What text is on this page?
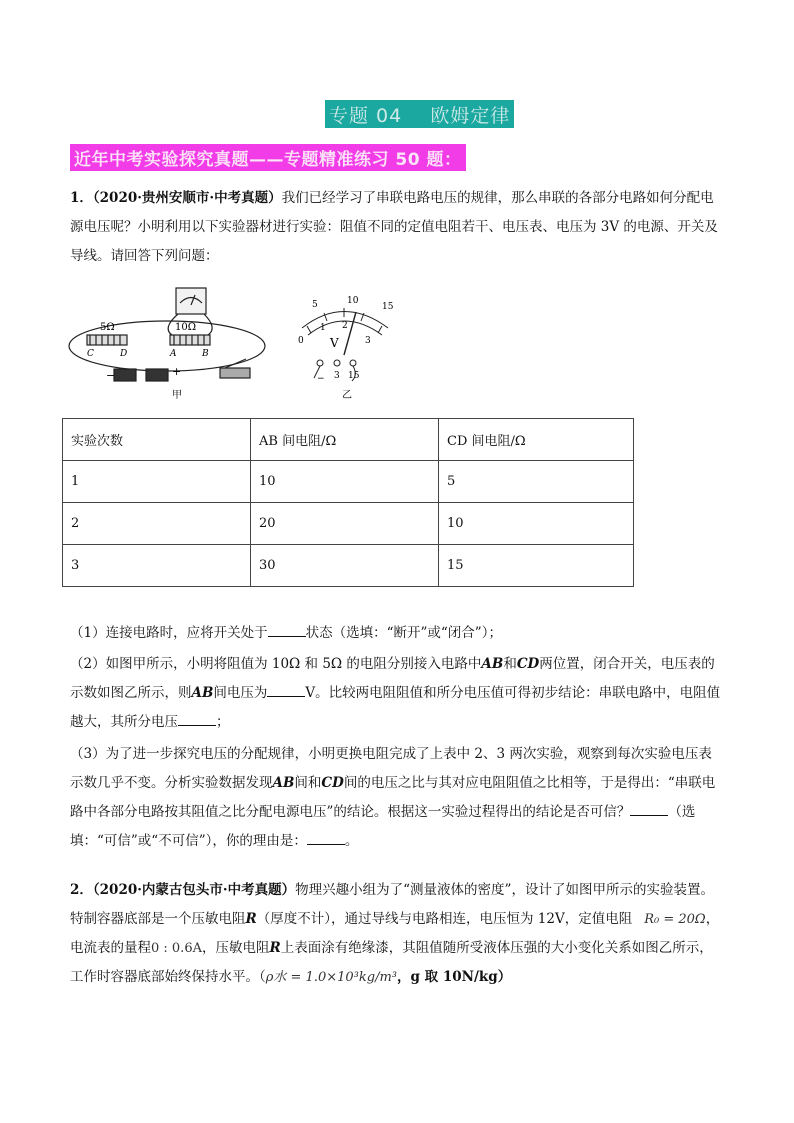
专题 04    欧姆定律
近年中考实验探究真题——专题精准练习 50 题：
1．（2020·贵州安顺市·中考真题）我们已经学习了串联电路电压的规律，那么串联的各部分电路如何分配电源电压呢？小明利用以下实验器材进行实验：阻值不同的定值电阻若干、电压表、电压为 3V 的电源、开关及导线。请回答下列问题：
5Ω	10Ω
C	D	A	B
+
−
甲
5	10
15
0
1 2
3
V
− 3 15
乙
实验次数	AB 间电阻/Ω	CD 间电阻/Ω
1	10	5
2	20	10
3	30	15
（1）连接电路时，应将开关处于	状态（选填：“断开”或“闭合”）；
（2）如图甲所示，小明将阻值为 10Ω 和 5Ω 的电阻分别接入电路中AB和CD两位置，闭合开关，电压表的示数如图乙所示，则AB间电压为	V。比较两电阻阻值和所分电压值可得初步结论：串联电路中，电阻值越大，其所分电压	；
（3）为了进一步探究电压的分配规律，小明更换电阻完成了上表中 2、3 两次实验，观察到每次实验电压表示数几乎不变。分析实验数据发现AB间和CD间的电压之比与其对应电阻阻值之比相等，于是得出：“串联电路中各部分电路按其阻值之比分配电源电压”的结论。根据这一实验过程得出的结论是否可信？	（选填：“可信”或“不可信”），你的理由是：	。
2．（2020·内蒙古包头市·中考真题）物理兴趣小组为了“测量液体的密度”，设计了如图甲所示的实验装置。特制容器底部是一个压敏电阻R（厚度不计），通过导线与电路相连，电压恒为 12V，定值电阻 R₀ = 20Ω，电流表的量程0 : 0.6A，压敏电阻R上表面涂有绝缘漆，其阻值随所受液体压强的大小变化关系如图乙所示，工作时容器底部始终保持水平。（ρ水 = 1.0×10³kg/m³，g 取 10N/kg）
